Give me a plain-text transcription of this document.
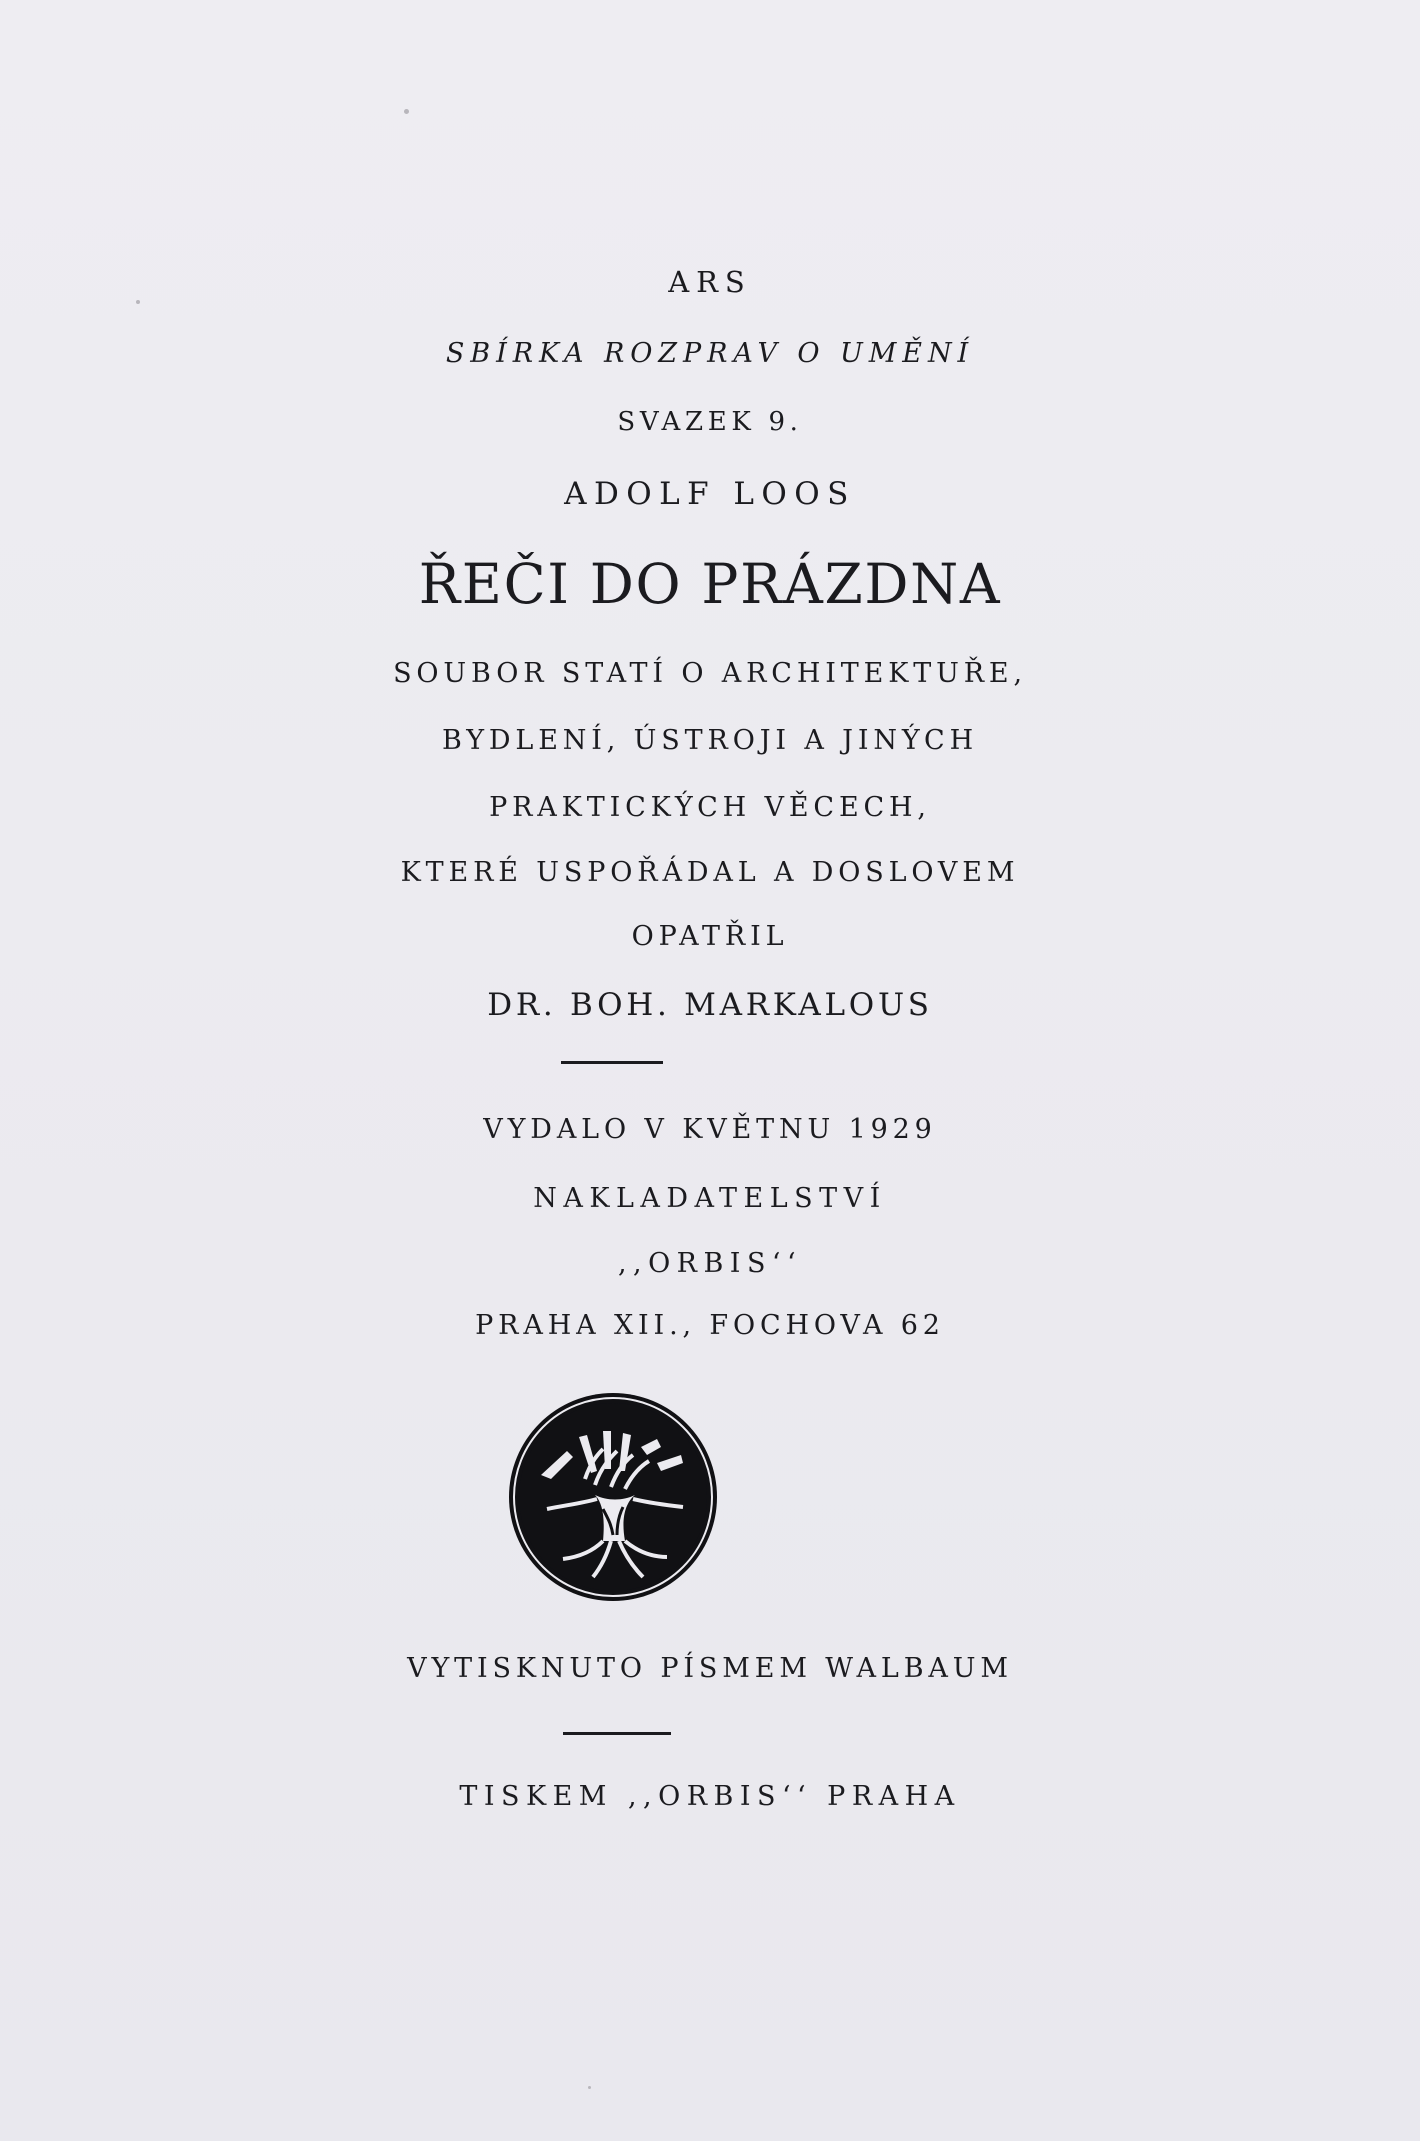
ARS
SBÍRKA ROZPRAV O UMĚNÍ
SVAZEK 9.
ADOLF LOOS
ŘEČI DO PRÁZDNA
SOUBOR STATÍ O ARCHITEKTUŘE,
BYDLENÍ, ÚSTROJI A JINÝCH
PRAKTICKÝCH VĚCECH,
KTERÉ USPOŘÁDAL A DOSLOVEM
OPATŘIL
DR. BOH. MARKALOUS
VYDALO V KVĚTNU 1929
NAKLADATELSTVÍ
,,ORBIS‘‘
PRAHA XII., FOCHOVA 62
VYTISKNUTO PÍSMEM WALBAUM
TISKEM ,,ORBIS‘‘ PRAHA
